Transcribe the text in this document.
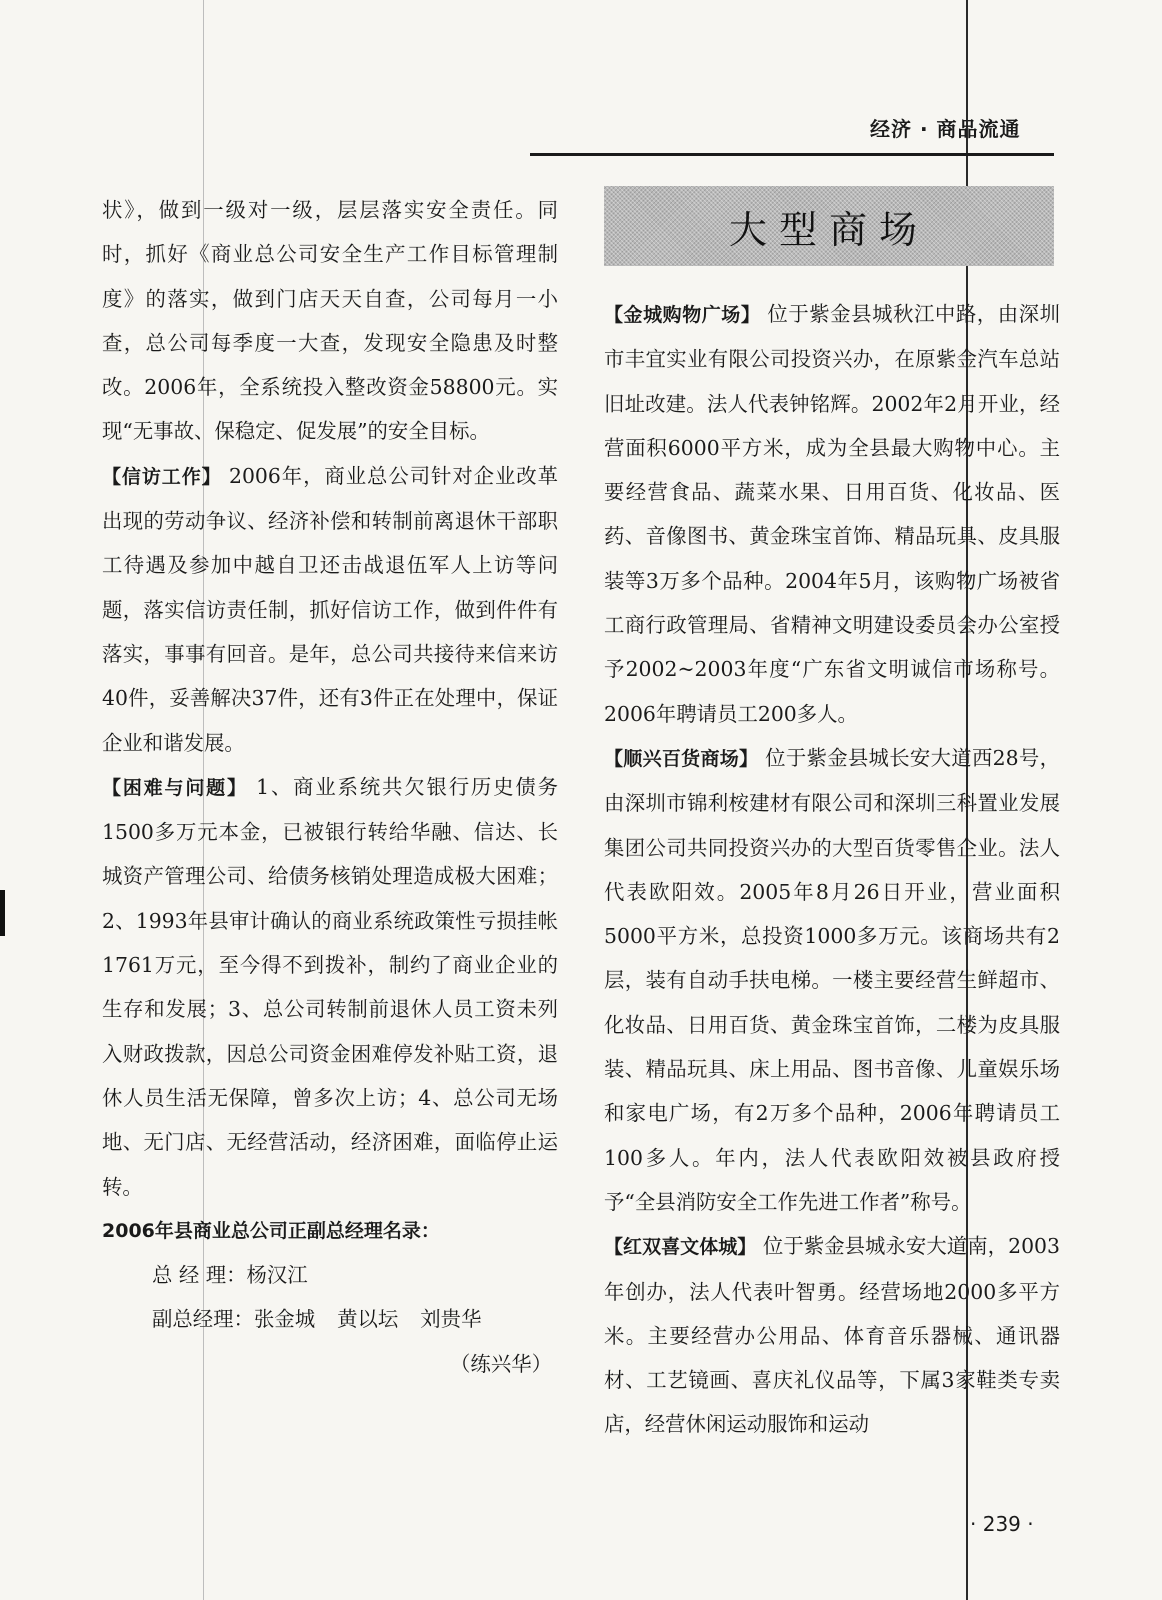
经济 · 商品流通

状》，做到一级对一级，层层落实安全责任。同时，抓好《商业总公司安全生产工作目标管理制度》的落实，做到门店天天自查，公司每月一小查，总公司每季度一大查，发现安全隐患及时整改。2006年，全系统投入整改资金58800元。实现“无事故、保稳定、促发展”的安全目标。

【信访工作】 2006年，商业总公司针对企业改革出现的劳动争议、经济补偿和转制前离退休干部职工待遇及参加中越自卫还击战退伍军人上访等问题，落实信访责任制，抓好信访工作，做到件件有落实，事事有回音。是年，总公司共接待来信来访40件，妥善解决37件，还有3件正在处理中，保证企业和谐发展。

【困难与问题】 1、商业系统共欠银行历史债务1500多万元本金，已被银行转给华融、信达、长城资产管理公司、给债务核销处理造成极大困难；2、1993年县审计确认的商业系统政策性亏损挂帐1761万元，至今得不到拨补，制约了商业企业的生存和发展；3、总公司转制前退休人员工资未列入财政拨款，因总公司资金困难停发补贴工资，退休人员生活无保障，曾多次上访；4、总公司无场地、无门店、无经营活动，经济困难，面临停止运转。

2006年县商业总公司正副总经理名录：

总 经 理：杨汉江

副总经理：张金城 黄以坛 刘贵华

（练兴华）

大型商场

【金城购物广场】 位于紫金县城秋江中路，由深圳市丰宜实业有限公司投资兴办，在原紫金汽车总站旧址改建。法人代表钟铭辉。2002年2月开业，经营面积6000平方米，成为全县最大购物中心。主要经营食品、蔬菜水果、日用百货、化妆品、医药、音像图书、黄金珠宝首饰、精品玩具、皮具服装等3万多个品种。2004年5月，该购物广场被省工商行政管理局、省精神文明建设委员会办公室授予2002~2003年度“广东省文明诚信市场称号。2006年聘请员工200多人。

【顺兴百货商场】 位于紫金县城长安大道西28号，由深圳市锦利桉建材有限公司和深圳三科置业发展集团公司共同投资兴办的大型百货零售企业。法人代表欧阳效。2005年8月26日开业，营业面积5000平方米，总投资1000多万元。该商场共有2层，装有自动手扶电梯。一楼主要经营生鲜超市、化妆品、日用百货、黄金珠宝首饰，二楼为皮具服装、精品玩具、床上用品、图书音像、儿童娱乐场和家电广场，有2万多个品种，2006年聘请员工100多人。年内，法人代表欧阳效被县政府授予“全县消防安全工作先进工作者”称号。

【红双喜文体城】 位于紫金县城永安大道南，2003年创办，法人代表叶智勇。经营场地2000多平方米。主要经营办公用品、体育音乐器械、通讯器材、工艺镜画、喜庆礼仪品等，下属3家鞋类专卖店，经营休闲运动服饰和运动

· 239 ·
